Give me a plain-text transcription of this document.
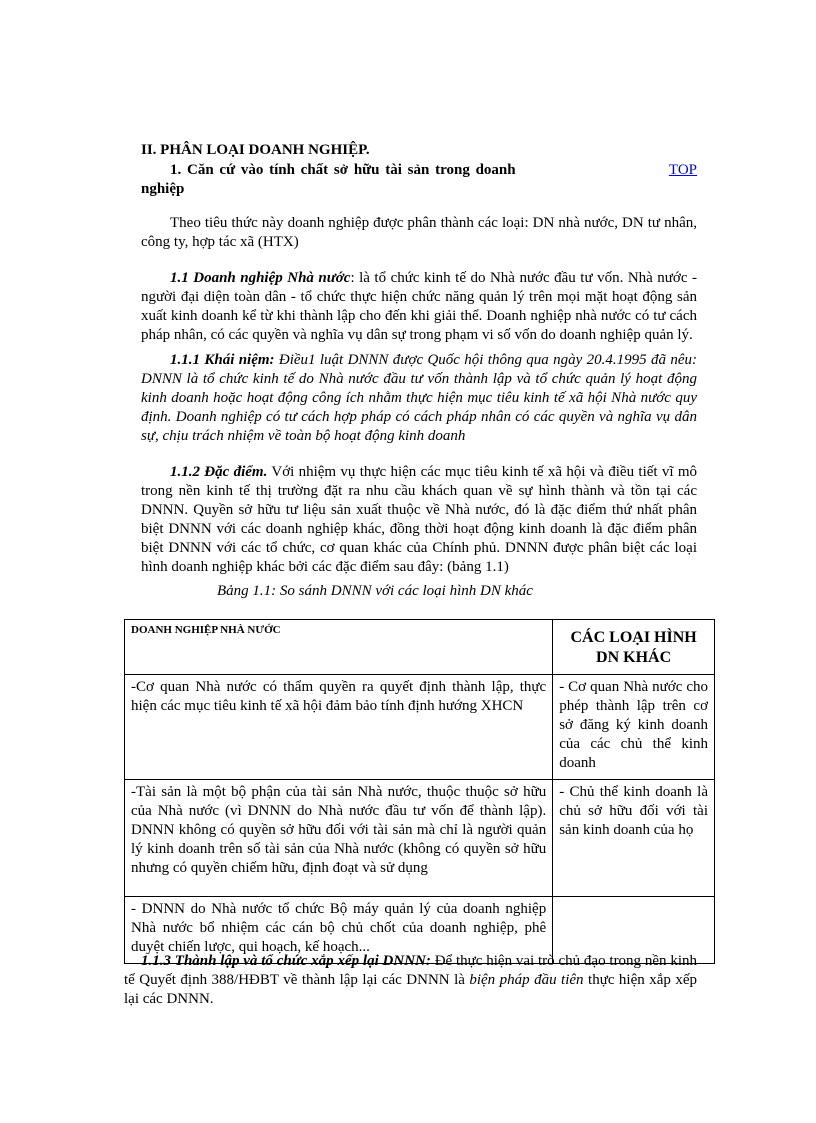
II. PHÂN LOẠI DOANH NGHIỆP.
1. Căn cứ vào tính chất sở hữu tài sản trong doanh
nghiệp
TOP

Theo tiêu thức này doanh nghiệp được phân thành các loại: DN nhà nước, DN tư nhân, công ty, hợp tác xã (HTX)

1.1 Doanh nghiệp Nhà nước: là tổ chức kinh tế do Nhà nước đầu tư vốn. Nhà nước - người đại diện toàn dân - tổ chức thực hiện chức năng quản lý trên mọi mặt hoạt động sản xuất kinh doanh kể từ khi thành lập cho đến khi giải thể. Doanh nghiệp nhà nước có tư cách pháp nhân, có các quyền và nghĩa vụ dân sự trong phạm vi số vốn do doanh nghiệp quản lý.

1.1.1 Khái niệm: Điều1 luật DNNN được Quốc hội thông qua ngày 20.4.1995 đã nêu: DNNN là tổ chức kinh tế do Nhà nước đầu tư vốn thành lập và tổ chức quản lý hoạt động kinh doanh hoặc hoạt động công ích nhằm thực hiện mục tiêu kinh tế xã hội Nhà nước quy định. Doanh nghiệp có tư cách hợp pháp có cách pháp nhân có các quyền và nghĩa vụ dân sự, chịu trách nhiệm về toàn bộ hoạt động kinh doanh

1.1.2 Đặc điểm. Với nhiệm vụ thực hiện các mục tiêu kinh tế xã hội và điều tiết vĩ mô trong nền kinh tế thị trường đặt ra nhu cầu khách quan về sự hình thành và tồn tại các DNNN. Quyền sở hữu tư liệu sản xuất thuộc về Nhà nước, đó là đặc điểm thứ nhất phân biệt DNNN với các doanh nghiệp khác, đồng thời hoạt động kinh doanh là đặc điểm phân biệt DNNN với các tổ chức, cơ quan khác của Chính phủ. DNNN được phân biệt các loại hình doanh nghiệp khác bởi các đặc điểm sau đây: (bảng 1.1)

Bảng 1.1: So sánh DNNN với các loại hình DN khác
DOANH NGHIỆP NHÀ NƯỚC	CÁC LOẠI HÌNH DN KHÁC
-Cơ quan Nhà nước có thẩm quyền ra quyết định thành lập, thực hiện các mục tiêu kinh tế xã hội đảm bảo tính định hướng XHCN	- Cơ quan Nhà nước cho phép thành lập trên cơ sở đăng ký kinh doanh của các chủ thể kinh doanh
-Tài sản là một bộ phận của tài sản Nhà nước, thuộc thuộc sở hữu của Nhà nước (vì DNNN do Nhà nước đầu tư vốn để thành lập). DNNN không có quyền sở hữu đối với tài sản mà chỉ là người quản lý kinh doanh trên số tài sản của Nhà nước (không có quyền sở hữu nhưng có quyền chiếm hữu, định đoạt và sử dụng	- Chủ thể kinh doanh là chủ sở hữu đối với tài sản kinh doanh của họ
- DNNN do Nhà nước tổ chức Bộ máy quản lý của doanh nghiệp Nhà nước bổ nhiệm các cán bộ chủ chốt của doanh nghiệp, phê duyệt chiến lược, qui hoạch, kế hoạch...	

1.1.3 Thành lập và tổ chức xắp xếp lại DNNN: Để thực hiện vai trò chủ đạo trong nền kinh tế Quyết định 388/HĐBT về thành lập lại các DNNN là biện pháp đầu tiên thực hiện xắp xếp lại các DNNN.
